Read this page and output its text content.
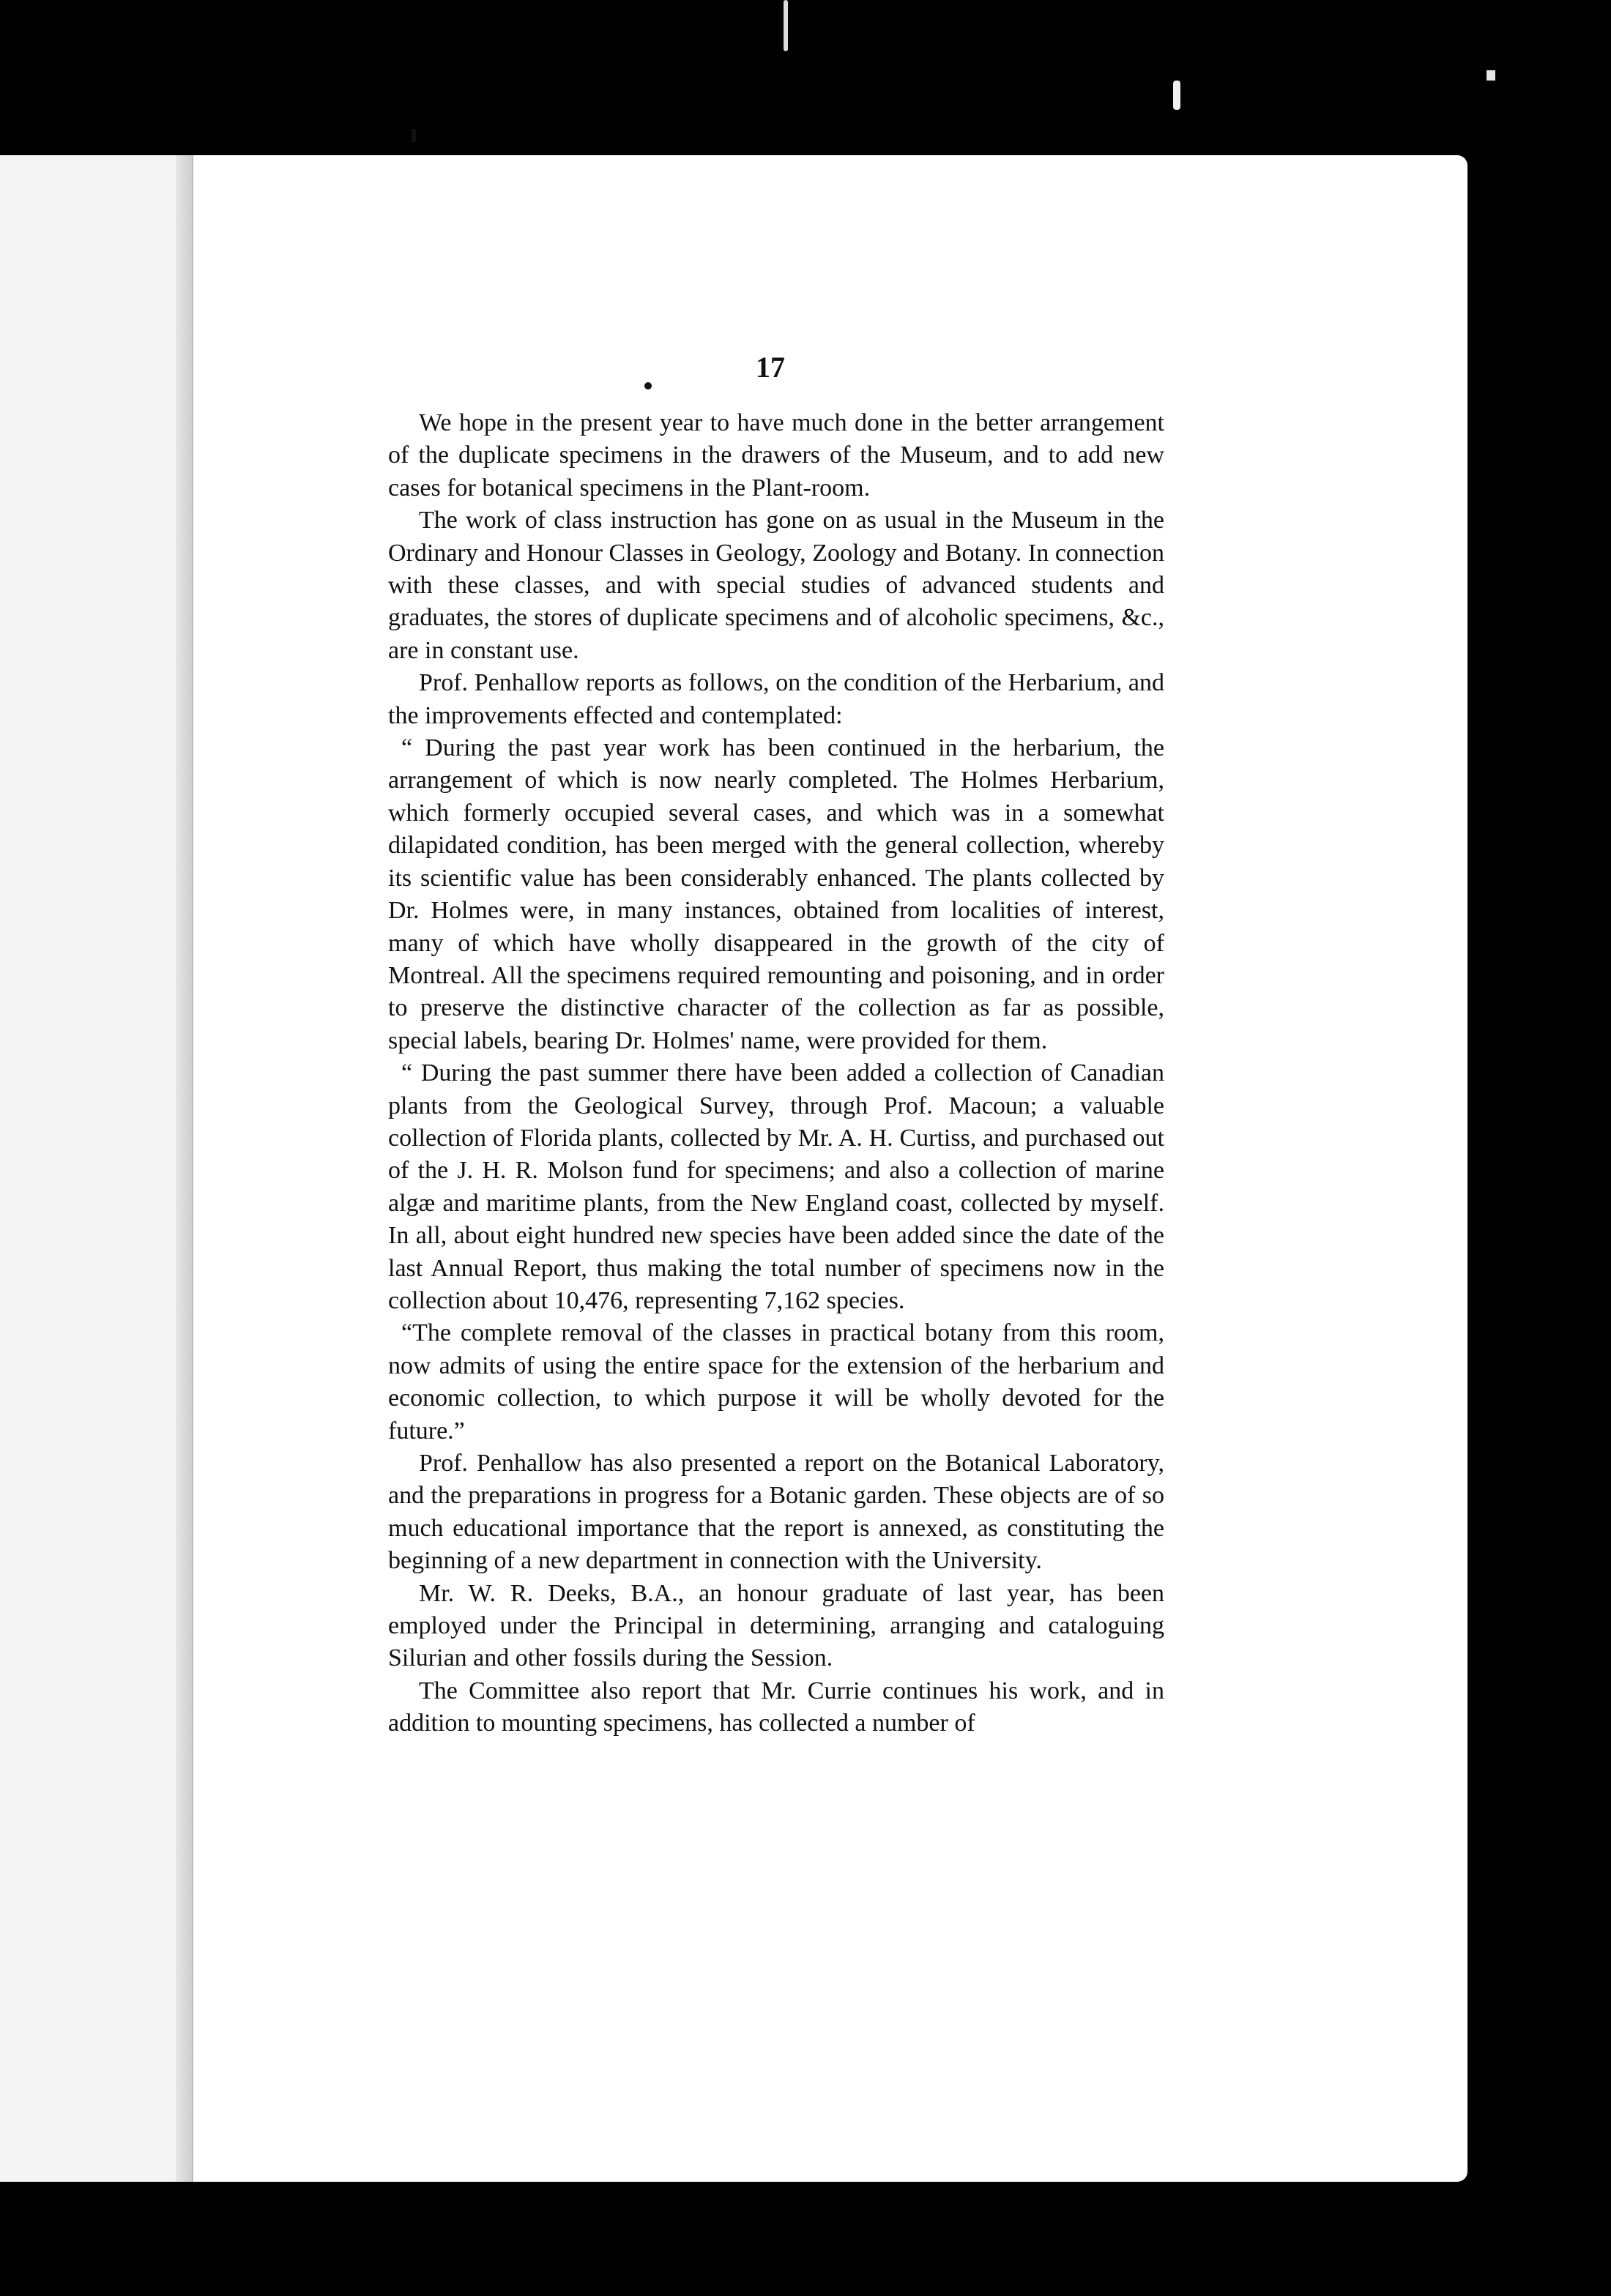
17

We hope in the present year to have much done in the better arrangement of the duplicate specimens in the drawers of the Museum, and to add new cases for botanical specimens in the Plant-room.

The work of class instruction has gone on as usual in the Museum in the Ordinary and Honour Classes in Geology, Zoology and Botany. In connection with these classes, and with special studies of advanced students and graduates, the stores of duplicate specimens and of alcoholic specimens, &c., are in constant use.

Prof. Penhallow reports as follows, on the condition of the Herbarium, and the improvements effected and contemplated:

“ During the past year work has been continued in the herbarium, the arrangement of which is now nearly completed. The Holmes Herbarium, which formerly occupied several cases, and which was in a somewhat dilapidated condition, has been merged with the general collection, whereby its scientific value has been considerably enhanced. The plants collected by Dr. Holmes were, in many instances, obtained from localities of interest, many of which have wholly disappeared in the growth of the city of Montreal. All the specimens required remounting and poisoning, and in order to preserve the distinctive character of the collection as far as possible, special labels, bearing Dr. Holmes' name, were provided for them.

“ During the past summer there have been added a collection of Canadian plants from the Geological Survey, through Prof. Macoun; a valuable collection of Florida plants, collected by Mr. A. H. Curtiss, and purchased out of the J. H. R. Molson fund for specimens; and also a collection of marine algæ and maritime plants, from the New England coast, collected by myself. In all, about eight hundred new species have been added since the date of the last Annual Report, thus making the total number of specimens now in the collection about 10,476, representing 7,162 species.

“The complete removal of the classes in practical botany from this room, now admits of using the entire space for the extension of the herbarium and economic collection, to which purpose it will be wholly devoted for the future.”

Prof. Penhallow has also presented a report on the Botanical Laboratory, and the preparations in progress for a Botanic garden. These objects are of so much educational importance that the report is annexed, as constituting the beginning of a new department in connection with the University.

Mr. W. R. Deeks, B.A., an honour graduate of last year, has been employed under the Principal in determining, arranging and cataloguing Silurian and other fossils during the Session.

The Committee also report that Mr. Currie continues his work, and in addition to mounting specimens, has collected a number of
